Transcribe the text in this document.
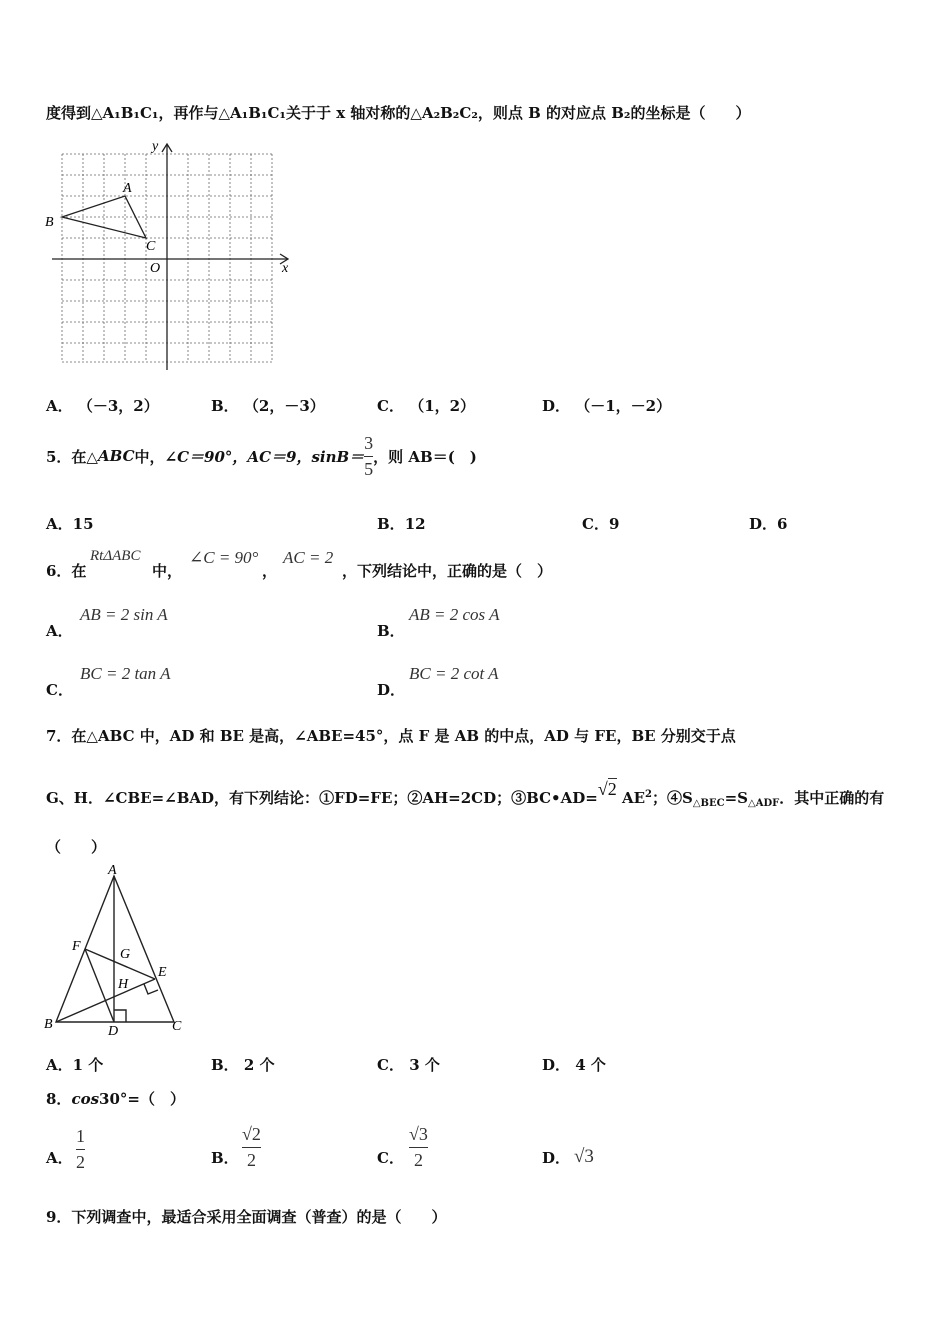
度得到△A₁B₁C₁，再作与△A₁B₁C₁关于于 x 轴对称的△A₂B₂C₂，则点 B 的对应点 B₂的坐标是（　　）
y
x
O
A
B
C
A． （－3，2）	B． （2，－3）	C． （1，2）	D． （－1，－2）
5．在△ ABC 中， ∠C＝90°，AC＝9，$\sin B= \frac{3}{5}$ ，则 AB＝(　)
A．15	B．12	C．9	D．6
6．在
RtΔABC
中，
∠C = 90°
，
AC = 2
，下列结论中，正确的是（　）
A．
AB = 2 sin A
B．
AB = 2 cos A
C．
BC = 2 tan A
D．
BC = 2 cot A
7．在△ABC 中，AD 和 BE 是高，∠ABE=45°，点 F 是 AB 的中点，AD 与 FE，BE 分别交于点
G、H．∠CBE=∠BAD，有下列结论：①FD=FE；②AH=2CD；③BC•AD=√2 $AE^2$；$④S_{\triangle BEC}=S_{\triangle ADF}$．其中正确的有
（　　）
A
B	C
D
E
F
G
H
A．1 个	B． 2 个	C． 3 个	D． 4 个
8．cos30°=（　）
A．
1
2	B．
√2
2	C．
√3
2	D． √3
9．下列调查中，最适合采用全面调查（普查）的是（　　）
